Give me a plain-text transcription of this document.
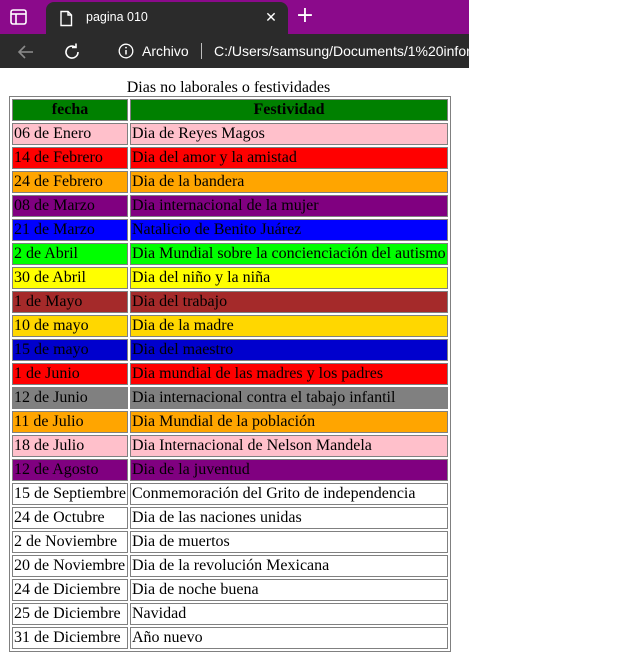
pagina 010	✕ +
Archivo C:/Users/samsung/Documents/1%20informatica/pagina%20010.html
Dias no laborales o festividades
fecha	Festividad
06 de Enero	Dia de Reyes Magos
14 de Febrero	Dia del amor y la amistad
24 de Febrero	Dia de la bandera
08 de Marzo	Dia internacional de la mujer
21 de Marzo	Natalicio de Benito Juárez
2 de Abril	Dia Mundial sobre la concienciación del autismo
30 de Abril	Dia del niño y la niña
1 de Mayo	Dia del trabajo
10 de mayo	Dia de la madre
15 de mayo	Dia del maestro
1 de Junio	Dia mundial de las madres y los padres
12 de Junio	Dia internacional contra el tabajo infantil
11 de Julio	Dia Mundial de la población
18 de Julio	Dia Internacional de Nelson Mandela
12 de Agosto	Dia de la juventud
15 de Septiembre	Conmemoración del Grito de independencia
24 de Octubre	Dia de las naciones unidas
2 de Noviembre	Dia de muertos
20 de Noviembre	Dia de la revolución Mexicana
24 de Diciembre	Dia de noche buena
25 de Diciembre	Navidad
31 de Diciembre	Año nuevo
